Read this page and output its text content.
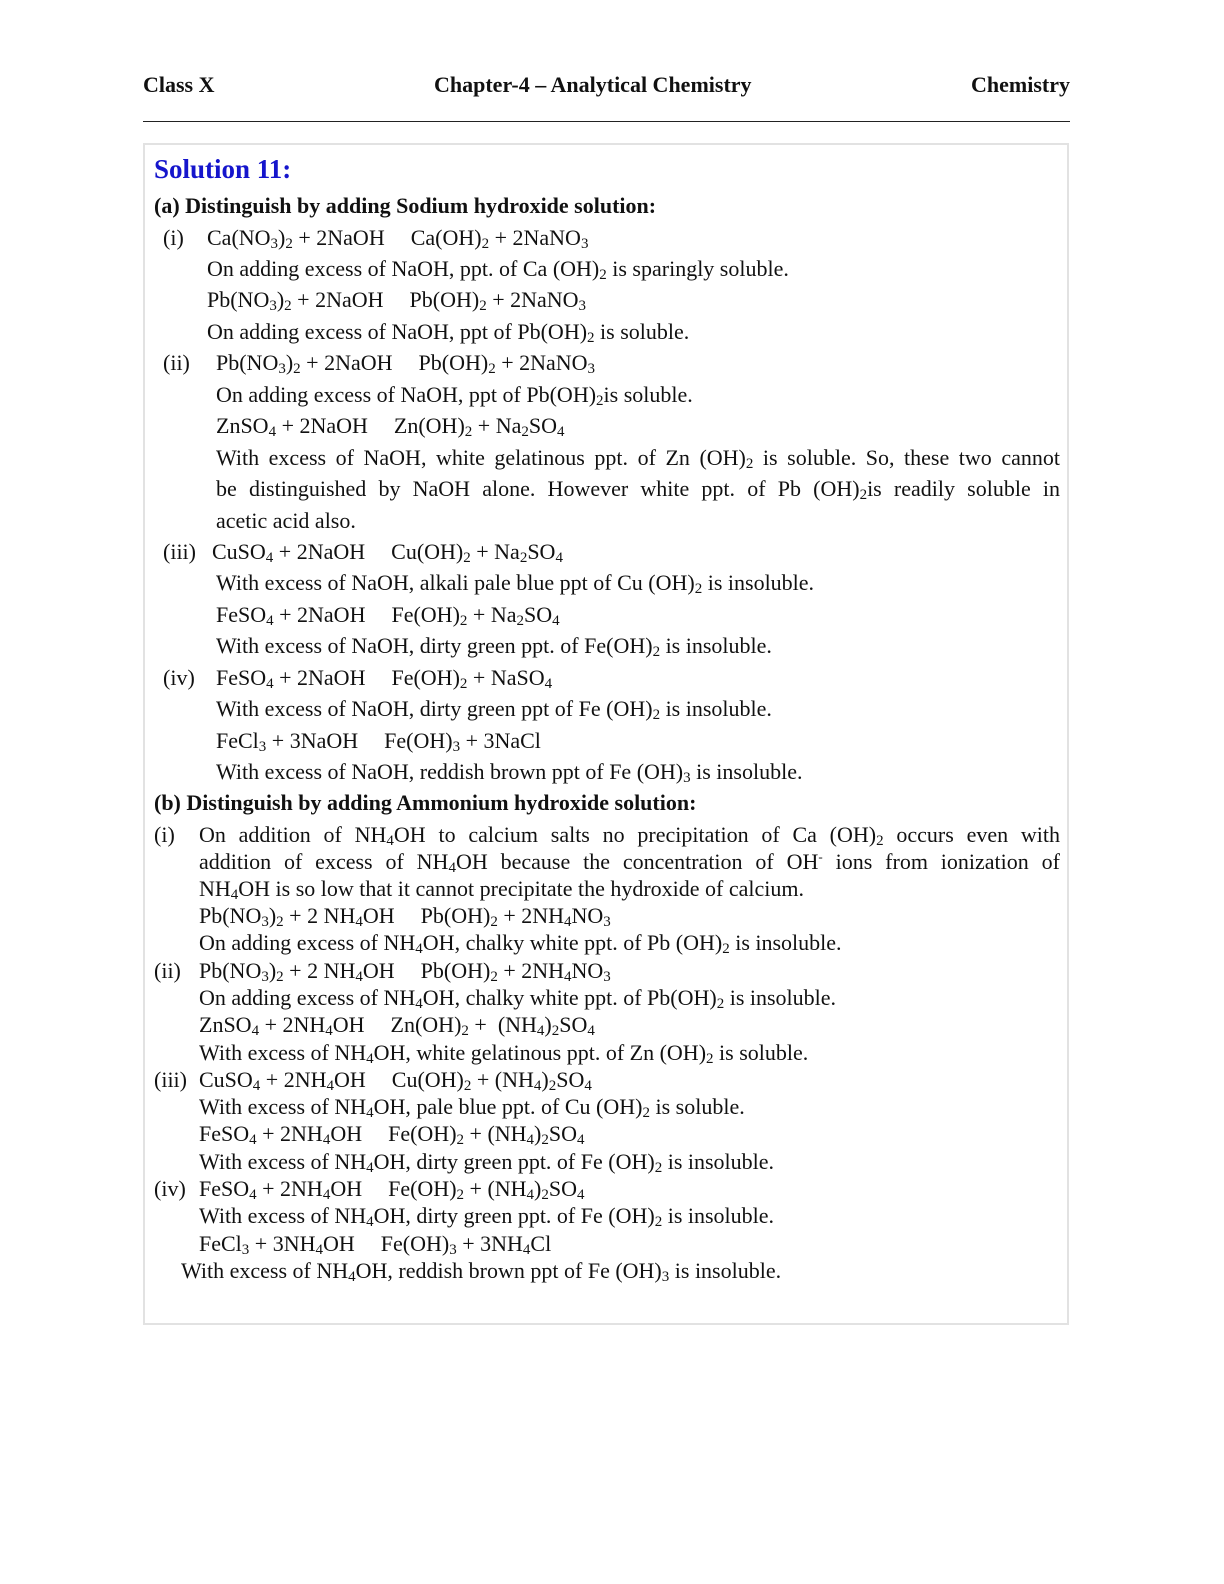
Class X	Chapter-4 – Analytical Chemistry	Chemistry
Solution 11:
(a) Distinguish by adding Sodium hydroxide solution:
(i) $Ca(NO_3)_2$ + 2NaOH $Ca(OH)_2$ + 2NaNO$_3$
On adding excess of NaOH, ppt. of Ca $(OH)_2$ is sparingly soluble.
$Pb(NO_3)_2$ + 2NaOH $Pb(OH)_2$ + 2NaNO$_3$
On adding excess of NaOH, ppt of $Pb(OH)_2$ is soluble.
(ii) $Pb(NO_3)_2$ + 2NaOH $Pb(OH)_2$ + 2NaNO$_3$
On adding excess of NaOH, ppt of $Pb(OH)_2is$ soluble.
ZnSO$_4$ + 2NaOH $Zn(OH)_2 + Na_2SO_4$
With excess of NaOH, white gelatinous ppt. of Zn $(OH)_2$ is soluble. So, these two cannot
be distinguished by NaOH alone. However white ppt. of Pb $(OH)_2is$ readily soluble in
acetic acid also.
(iii) CuSO$_4$ + 2NaOH $Cu(OH)_2 + Na_2SO_4$
With excess of NaOH, alkali pale blue ppt of Cu $(OH)_2$ is insoluble.
FeSO$_4$ + 2NaOH $Fe(OH)_2 + Na_2SO_4$
With excess of NaOH, dirty green ppt. of $Fe(OH)_2$ is insoluble.
(iv) FeSO$_4$ + 2NaOH $Fe(OH)_2$ + NaSO$_4$
With excess of NaOH, dirty green ppt of Fe $(OH)_2$ is insoluble.
FeCl$_3$ + 3NaOH $Fe(OH)_3$ + 3NaCl
With excess of NaOH, reddish brown ppt of Fe $(OH)_3$ is insoluble.
(b) Distinguish by adding Ammonium hydroxide solution:
(i) On addition of $NH_4OH$ to calcium salts no precipitation of Ca $(OH)_2$ occurs even with
addition of excess of $NH_4OH$ because the concentration of OH- ions from ionization of
$NH_4OH$ is so low that it cannot precipitate the hydroxide of calcium.
$Pb(NO_3)_2 + 2$ $NH_4OH$ $Pb(OH)_2 + 2NH_4NO_3$
On adding excess of $NH_4OH$, chalky white ppt. of Pb $(OH)_2$ is insoluble.
(ii) $Pb(NO_3)_2 + 2$ $NH_4OH$ $Pb(OH)_2 + 2NH_4NO_3$
On adding excess of $NH_4OH$, chalky white ppt. of $Pb(OH)_2$ is insoluble.
ZnSO$_4$ + $2NH_4OH$ $Zn(OH)_2 + (NH_4)_2SO_4$
With excess of $NH_4OH$, white gelatinous ppt. of Zn $(OH)_2$ is soluble.
(iii) CuSO$_4$ + $2NH_4OH$ $Cu(OH)_2 + (NH_4)_2SO_4$
With excess of $NH_4OH$, pale blue ppt. of Cu $(OH)_2$ is soluble.
FeSO$_4$ + $2NH_4OH$ $Fe(OH)_2 + (NH_4)_2SO_4$
With excess of $NH_4OH$, dirty green ppt. of Fe $(OH)_2$ is insoluble.
(iv) FeSO$_4$ + $2NH_4OH$ $Fe(OH)_2 + (NH_4)_2SO_4$
With excess of $NH_4OH$, dirty green ppt. of Fe $(OH)_2$ is insoluble.
FeCl$_3$ + $3NH_4OH$ $Fe(OH)_3 + 3NH_4Cl$
With excess of $NH_4OH$, reddish brown ppt of Fe $(OH)_3$ is insoluble.
